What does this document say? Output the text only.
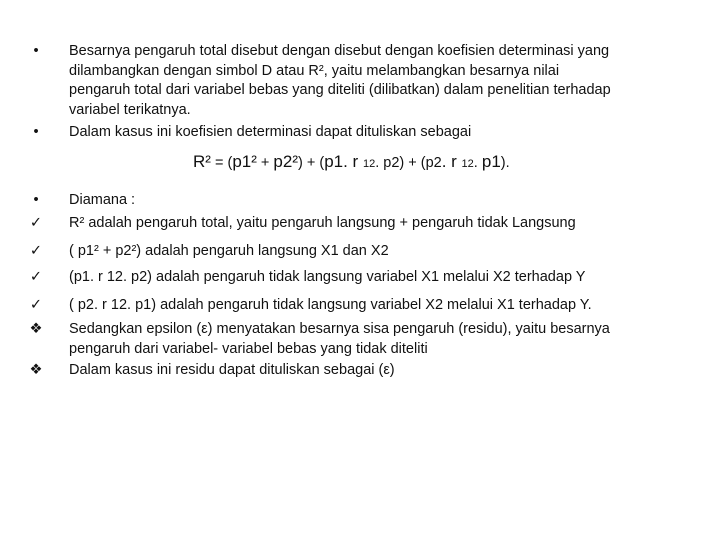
•	Besarnya pengaruh total disebut dengan disebut dengan koefisien determinasi yang
dilambangkan dengan simbol D atau R², yaitu melambangkan besarnya nilai
pengaruh total dari variabel bebas yang diteliti (dilibatkan) dalam penelitian terhadap
variabel terikatnya.
•	Dalam kasus ini koefisien determinasi dapat dituliskan sebagai
R² = (p1² + p2²) + (p1. r 12. p2) + (p2. r 12. p1).
•	Diamana :
✓ R² adalah pengaruh total, yaitu pengaruh langsung + pengaruh tidak Langsung
✓ ( p1² + p2²) adalah pengaruh langsung X1 dan X2
✓ (p1. r 12. p2) adalah pengaruh tidak langsung variabel X1 melalui X2 terhadap Y
✓ ( p2. r 12. p1) adalah pengaruh tidak langsung variabel X2 melalui X1 terhadap Y.
❖ Sedangkan epsilon (ε) menyatakan besarnya sisa pengaruh (residu), yaitu besarnya
pengaruh dari variabel- variabel bebas yang tidak diteliti
❖ Dalam kasus ini residu dapat dituliskan sebagai (ε)
